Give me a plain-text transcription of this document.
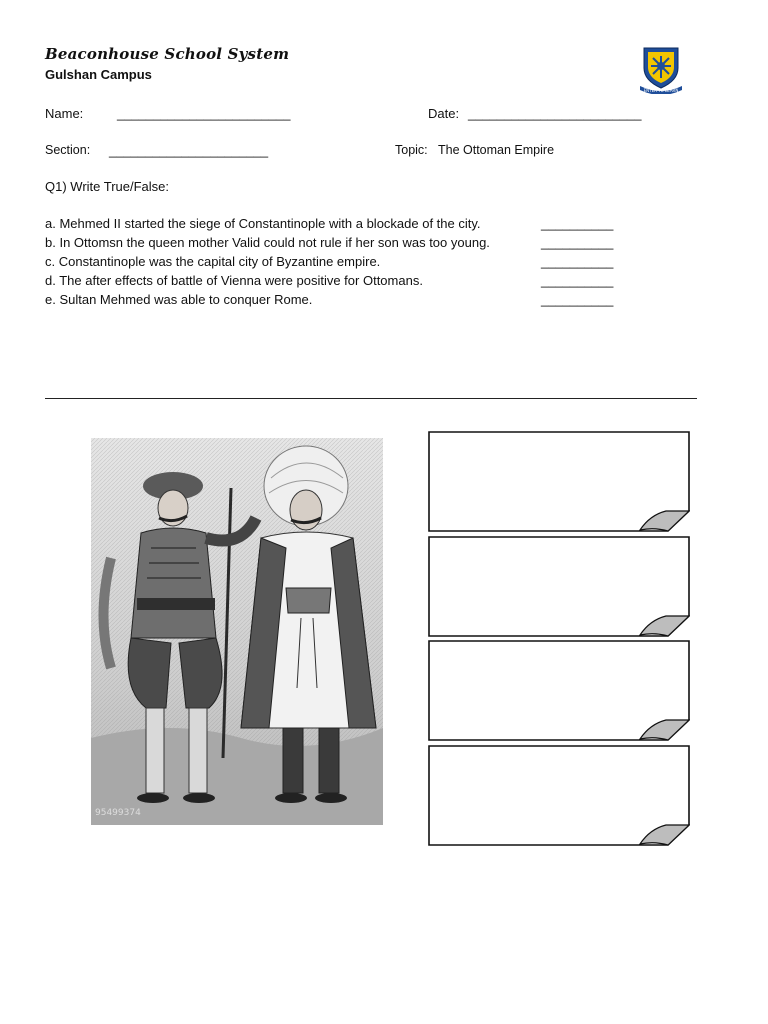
Beaconhouse School System
Gulshan Campus
ENTER TO LEARN
Name:	________________________	Date: ________________________
Section: ______________________	Topic: The Ottoman Empire
Q1) Write True/False:
a. Mehmed II started the siege of Constantinople with a blockade of the city.	__________
b. In Ottomsn the queen mother Valid could not rule if her son was too young.	__________
c. Constantinople was the capital city of Byzantine empire.	__________
d. The after effects of battle of Vienna were positive for Ottomans.	__________
e. Sultan Mehmed was able to conquer Rome.	__________
95499374
